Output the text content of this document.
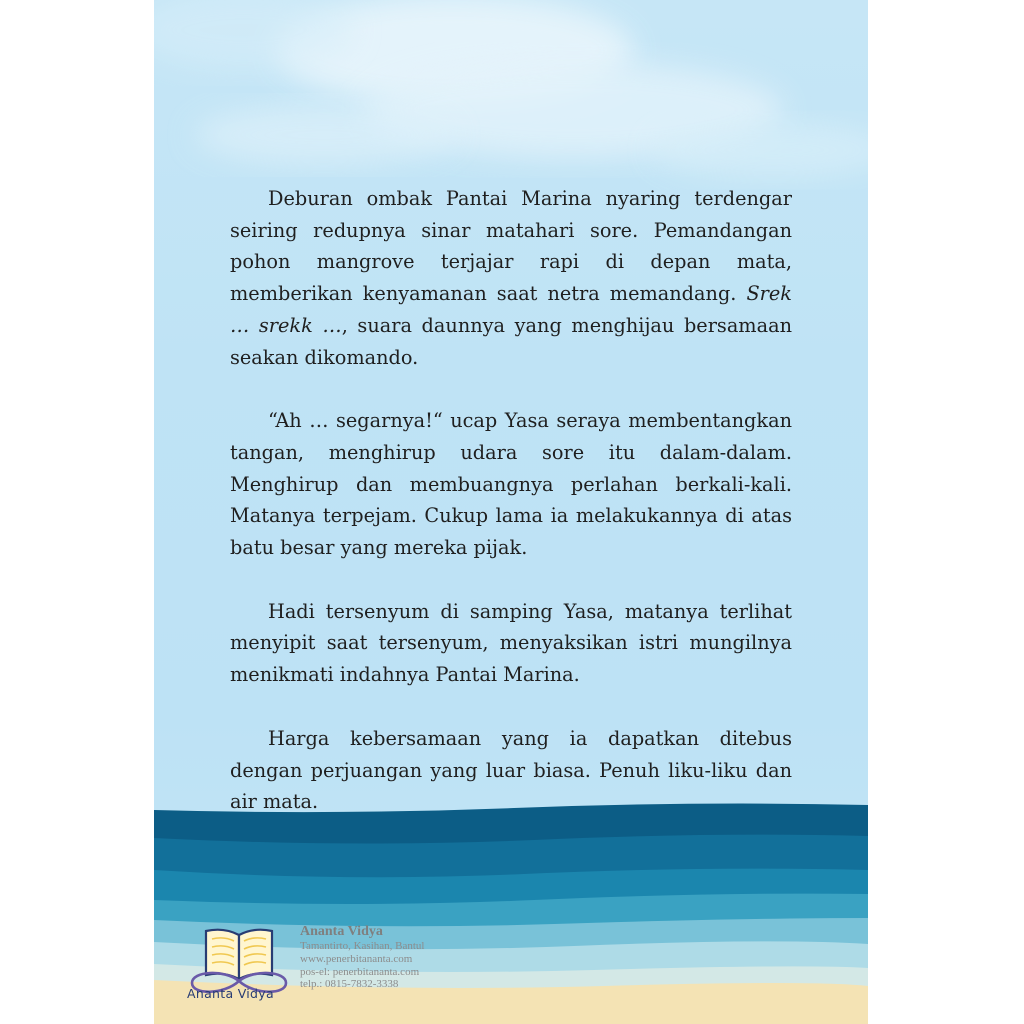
Deburan ombak Pantai Marina nyaring terdengar seiring redupnya sinar matahari sore. Pemandangan pohon mangrove terjajar rapi di depan mata, memberikan kenyamanan saat netra memandang. Srek … srekk …, suara daunnya yang menghijau bersamaan seakan dikomando.

“Ah … segarnya!“ ucap Yasa seraya membentangkan tangan, menghirup udara sore itu dalam-dalam. Menghirup dan membuangnya perlahan berkali-kali. Matanya terpejam. Cukup lama ia melakukannya di atas batu besar yang mereka pijak.

Hadi tersenyum di samping Yasa, matanya terlihat menyipit saat tersenyum, menyaksikan istri mungilnya menikmati indahnya Pantai Marina.

Harga kebersamaan yang ia dapatkan ditebus dengan perjuangan yang luar biasa. Penuh liku-liku dan air mata.

Ananta Vidya
Ananta Vidya
Tamantirto, Kasihan, Bantul
www.penerbitananta.com
pos-el: penerbitananta.com
telp.: 0815-7832-3338
